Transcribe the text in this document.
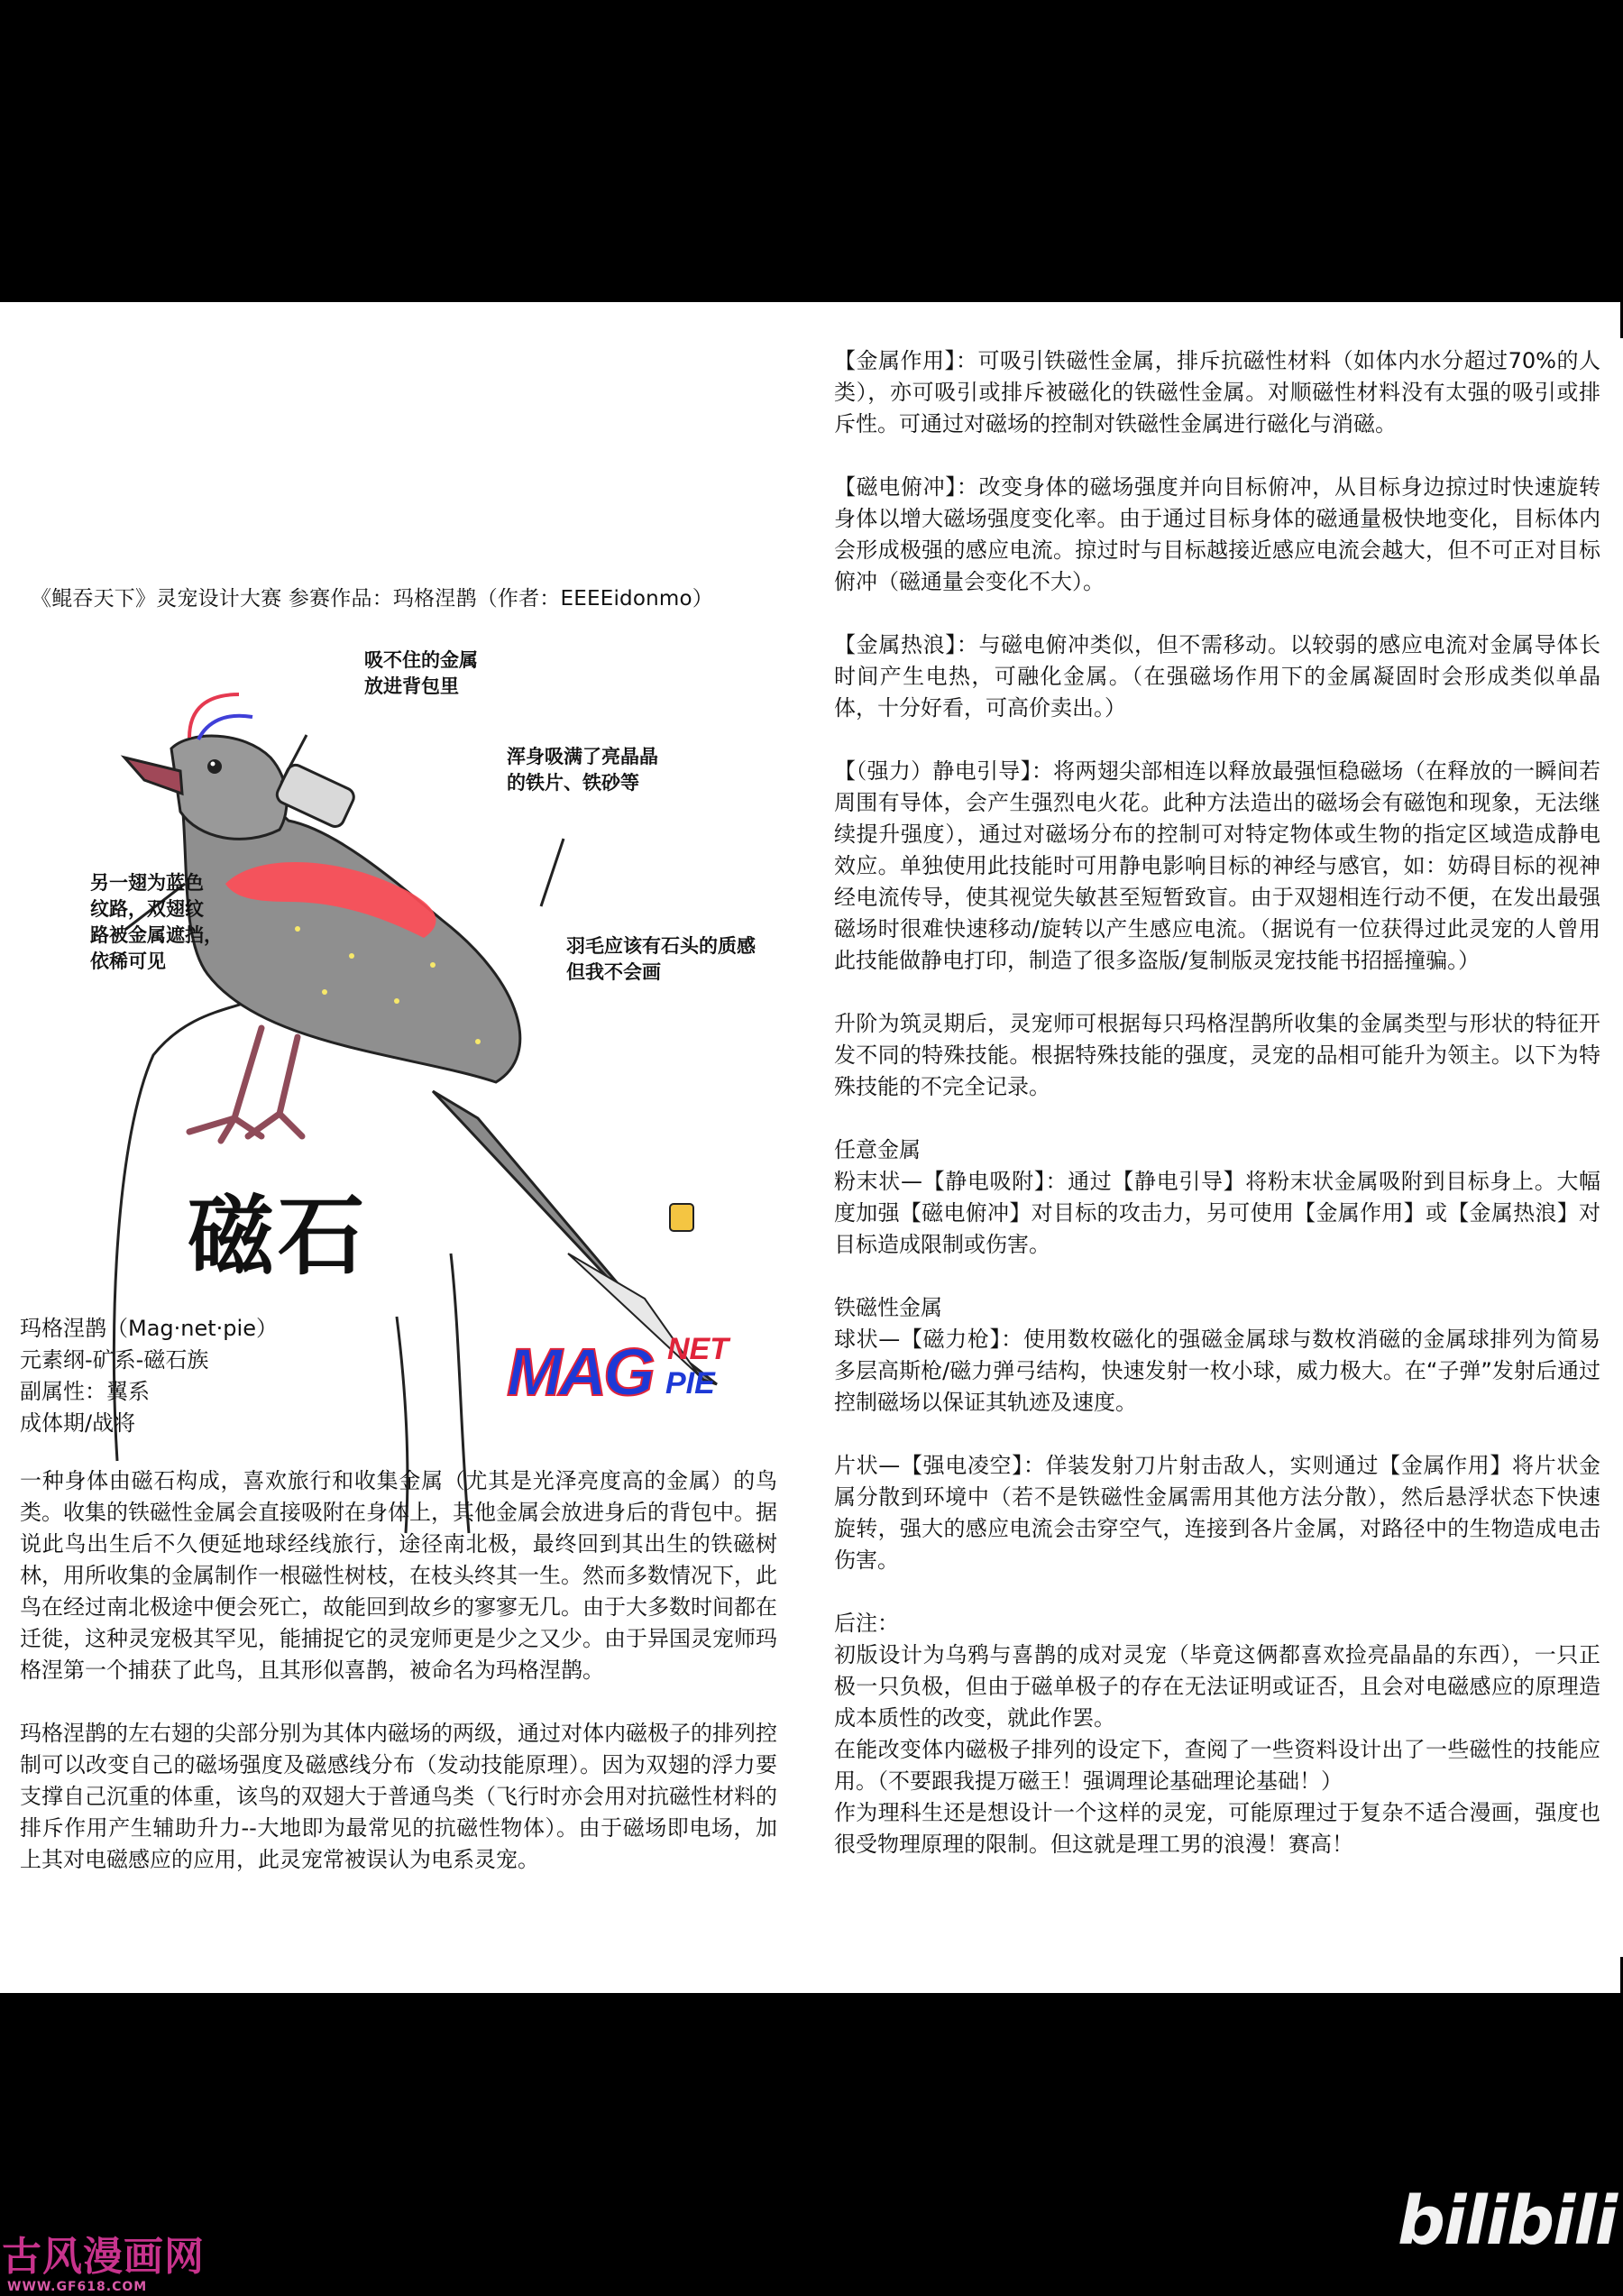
《鲲吞天下》灵宠设计大赛 参赛作品：玛格涅鹊（作者：EEEEidonmo）
吸不住的金属
放进背包里
浑身吸满了亮晶晶
的铁片、铁砂等
另一翅为蓝色
纹路，双翅纹
路被金属遮挡，
依稀可见
羽毛应该有石头的质感
但我不会画
磁石
玛格涅鹊（Mag·net·pie）
元素纲-矿系-磁石族
副属性：翼系
成体期/战将
MAG NET
PIE

一种身体由磁石构成，喜欢旅行和收集金属（尤其是光泽亮度高的金属）的鸟类。收集的铁磁性金属会直接吸附在身体上，其他金属会放进身后的背包中。据说此鸟出生后不久便延地球经线旅行，途径南北极，最终回到其出生的铁磁树林，用所收集的金属制作一根磁性树枝，在枝头终其一生。然而多数情况下，此鸟在经过南北极途中便会死亡，故能回到故乡的寥寥无几。由于大多数时间都在迁徙，这种灵宠极其罕见，能捕捉它的灵宠师更是少之又少。由于异国灵宠师玛格涅第一个捕获了此鸟，且其形似喜鹊，被命名为玛格涅鹊。

玛格涅鹊的左右翅的尖部分别为其体内磁场的两级，通过对体内磁极子的排列控制可以改变自己的磁场强度及磁感线分布（发动技能原理）。因为双翅的浮力要支撑自己沉重的体重，该鸟的双翅大于普通鸟类（飞行时亦会用对抗磁性材料的排斥作用产生辅助升力--大地即为最常见的抗磁性物体）。由于磁场即电场，加上其对电磁感应的应用，此灵宠常被误认为电系灵宠。

【金属作用】：可吸引铁磁性金属，排斥抗磁性材料（如体内水分超过70%的人类），亦可吸引或排斥被磁化的铁磁性金属。对顺磁性材料没有太强的吸引或排斥性。可通过对磁场的控制对铁磁性金属进行磁化与消磁。

【磁电俯冲】：改变身体的磁场强度并向目标俯冲，从目标身边掠过时快速旋转身体以增大磁场强度变化率。由于通过目标身体的磁通量极快地变化，目标体内会形成极强的感应电流。掠过时与目标越接近感应电流会越大，但不可正对目标俯冲（磁通量会变化不大）。

【金属热浪】：与磁电俯冲类似，但不需移动。以较弱的感应电流对金属导体长时间产生电热，可融化金属。（在强磁场作用下的金属凝固时会形成类似单晶体，十分好看，可高价卖出。）

【（强力）静电引导】：将两翅尖部相连以释放最强恒稳磁场（在释放的一瞬间若周围有导体，会产生强烈电火花。此种方法造出的磁场会有磁饱和现象，无法继续提升强度），通过对磁场分布的控制可对特定物体或生物的指定区域造成静电效应。单独使用此技能时可用静电影响目标的神经与感官，如：妨碍目标的视神经电流传导，使其视觉失敏甚至短暂致盲。由于双翅相连行动不便，在发出最强磁场时很难快速移动/旋转以产生感应电流。（据说有一位获得过此灵宠的人曾用此技能做静电打印，制造了很多盗版/复制版灵宠技能书招摇撞骗。）

升阶为筑灵期后，灵宠师可根据每只玛格涅鹊所收集的金属类型与形状的特征开发不同的特殊技能。根据特殊技能的强度，灵宠的品相可能升为领主。以下为特殊技能的不完全记录。

任意金属

粉末状—【静电吸附】：通过【静电引导】将粉末状金属吸附到目标身上。大幅度加强【磁电俯冲】对目标的攻击力，另可使用【金属作用】或【金属热浪】对目标造成限制或伤害。

铁磁性金属

球状—【磁力枪】：使用数枚磁化的强磁金属球与数枚消磁的金属球排列为简易多层高斯枪/磁力弹弓结构，快速发射一枚小球，威力极大。在“子弹”发射后通过控制磁场以保证其轨迹及速度。

片状—【强电凌空】：佯装发射刀片射击敌人，实则通过【金属作用】将片状金属分散到环境中（若不是铁磁性金属需用其他方法分散），然后悬浮状态下快速旋转，强大的感应电流会击穿空气，连接到各片金属，对路径中的生物造成电击伤害。

后注：

初版设计为乌鸦与喜鹊的成对灵宠（毕竟这俩都喜欢捡亮晶晶的东西），一只正极一只负极，但由于磁单极子的存在无法证明或证否，且会对电磁感应的原理造成本质性的改变，就此作罢。

在能改变体内磁极子排列的设定下，查阅了一些资料设计出了一些磁性的技能应用。（不要跟我提万磁王！强调理论基础理论基础！）

作为理科生还是想设计一个这样的灵宠，可能原理过于复杂不适合漫画，强度也很受物理原理的限制。但这就是理工男的浪漫！赛高！

古风漫画网
WWW.GF618.COM
bilibili
